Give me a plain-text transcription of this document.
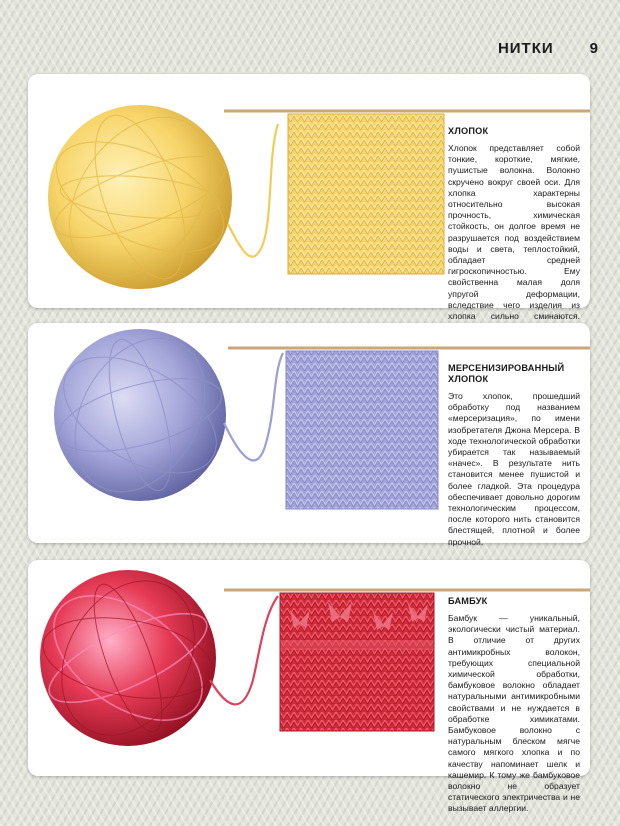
НИТКИ 9
ХЛОПОК

Хлопок представляет собой тонкие, короткие, мягкие, пушистые волокна. Волокно скручено вокруг своей оси. Для хлопка характерны относительно высокая прочность, химическая стойкость, он долгое время не разрушается под воздействием воды и света, теплостойкий, обладает средней гигроскопичностью. Ему свойственна малая доля упругой деформации, вследствие чего изделия из хлопка сильно сминаются.

МЕРСЕНИЗИРОВАННЫЙ ХЛОПОК

Это хлопок, прошедший обработку под названием «мерсеризация», по имени изобретателя Джона Мерсера. В ходе технологической обработки убирается так называемый «начес». В результате нить становится менее пушистой и более гладкой. Эта процедура обеспечивает довольно дорогим технологическим процессом, после которого нить становится блестящей, плотной и более прочной.

БАМБУК

Бамбук — уникальный, экологически чистый материал. В отличие от других антимикробных волокон, требующих специальной химической обработки, бамбуковое волокно обладает натуральными антимикробными свойствами и не нуждается в обработке химикатами. Бамбуковое волокно с натуральным блеском мягче самого мягкого хлопка и по качеству напоминает шелк и кашемир. К тому же бамбуковое волокно не образует статического электричества и не вызывает аллергии.
